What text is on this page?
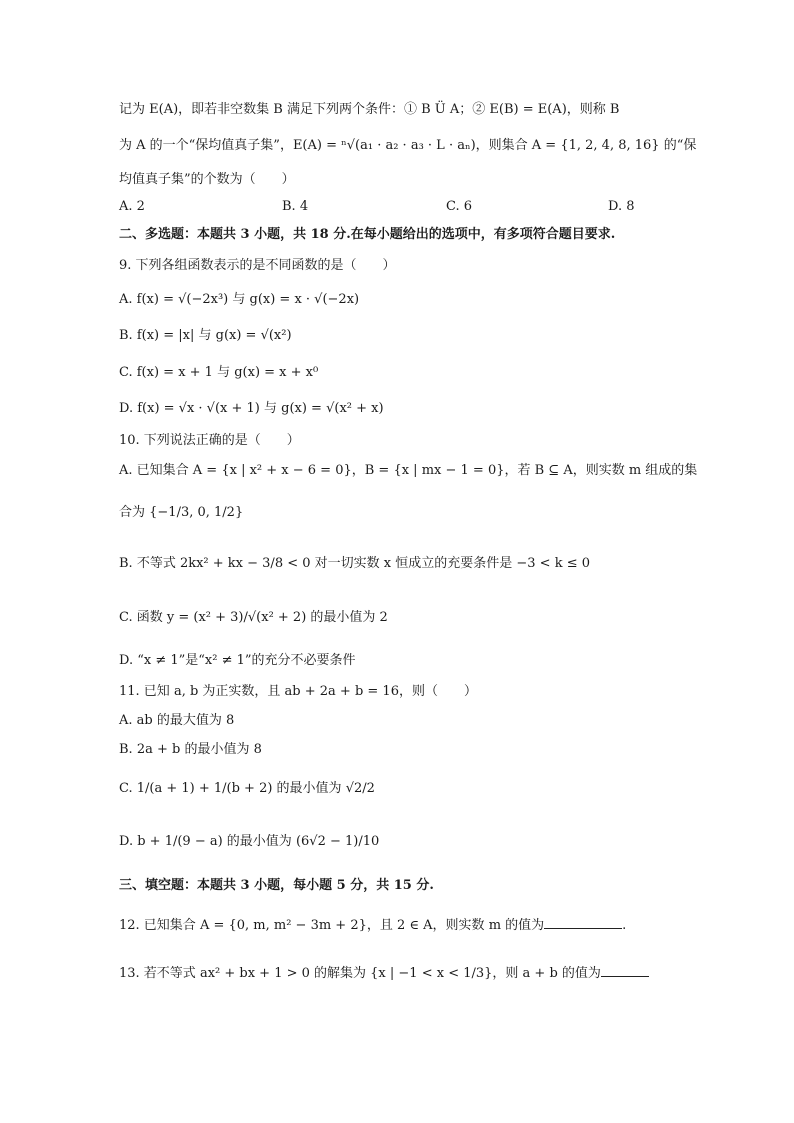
记为 E(A)，即若非空数集 B 满足下列两个条件：① B Ü A；② E(B) = E(A)，则称 B
为 A 的一个“保均值真子集”，E(A) = ⁿ√(a₁ · a₂ · a₃ · L · aₙ)，则集合 A = {1, 2, 4, 8, 16} 的“保
均值真子集”的个数为（　　）
A. 2	B. 4	C. 6	D. 8
二、多选题：本题共 3 小题，共 18 分.在每小题给出的选项中，有多项符合题目要求.
9. 下列各组函数表示的是不同函数的是（　　）
A. f(x) = √(−2x³) 与 g(x) = x · √(−2x)
B. f(x) = |x| 与 g(x) = √(x²)
C. f(x) = x + 1 与 g(x) = x + x⁰
D. f(x) = √x · √(x + 1) 与 g(x) = √(x² + x)
10. 下列说法正确的是（　　）
A. 已知集合 A = {x | x² + x − 6 = 0}，B = {x | mx − 1 = 0}，若 B ⊆ A，则实数 m 组成的集
合为 {−1/3, 0, 1/2}
B. 不等式 2kx² + kx − 3/8 < 0 对一切实数 x 恒成立的充要条件是 −3 < k ≤ 0
C. 函数 y = (x² + 3)/√(x² + 2) 的最小值为 2
D. “x ≠ 1”是“x² ≠ 1”的充分不必要条件
11. 已知 a, b 为正实数，且 ab + 2a + b = 16，则（　　）
A. ab 的最大值为 8
B. 2a + b 的最小值为 8
C. 1/(a + 1) + 1/(b + 2) 的最小值为 √2/2
D. b + 1/(9 − a) 的最小值为 (6√2 − 1)/10
三、填空题：本题共 3 小题，每小题 5 分，共 15 分.
12. 已知集合 A = {0, m, m² − 3m + 2}，且 2 ∈ A，则实数 m 的值为	.
13. 若不等式 ax² + bx + 1 > 0 的解集为 {x | −1 < x < 1/3}，则 a + b 的值为
